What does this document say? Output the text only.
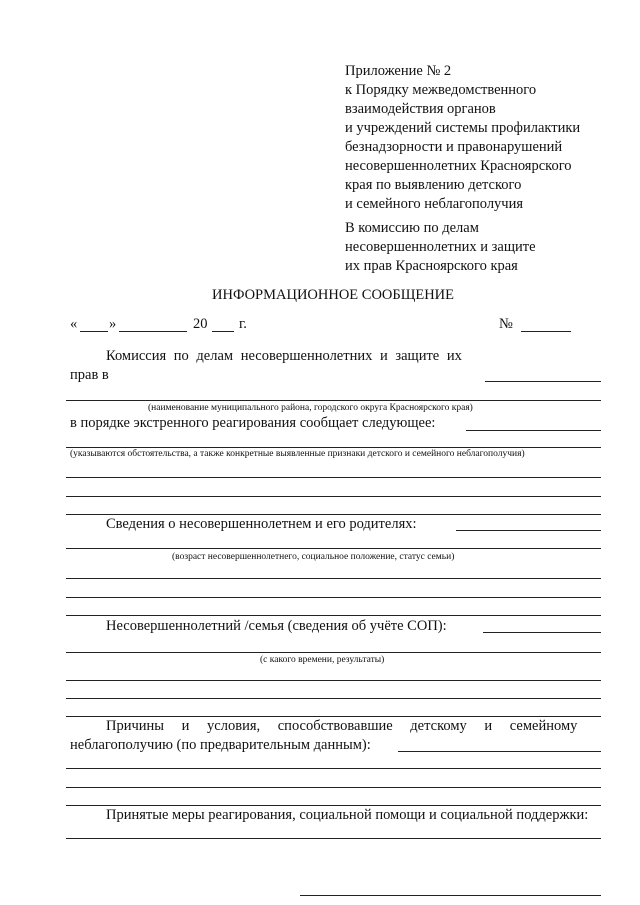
Приложение № 2
к Порядку межведомственного
взаимодействия органов
и учреждений системы профилактики
безнадзорности и правонарушений
несовершеннолетних Красноярского
края по выявлению детского
и семейного неблагополучия
В комиссию по делам
несовершеннолетних и защите
их прав Красноярского края
ИНФОРМАЦИОННОЕ СООБЩЕНИЕ
« »	20 г.	№
Комиссия по делам несовершеннолетних и защите их
прав в
(наименование муниципального района, городского округа Красноярского края)
в порядке экстренного реагирования сообщает следующее:
(указываются обстоятельства, а также конкретные выявленные признаки детского и семейного неблагополучия)
Сведения о несовершеннолетнем и его родителях:
(возраст несовершеннолетнего, социальное положение, статус семьи)
Несовершеннолетний /семья (сведения об учёте СОП):
(с какого времени, результаты)
Причины и условия, способствовавшие детскому и семейному
неблагополучию (по предварительным данным):
Принятые меры реагирования, социальной помощи и социальной поддержки:
